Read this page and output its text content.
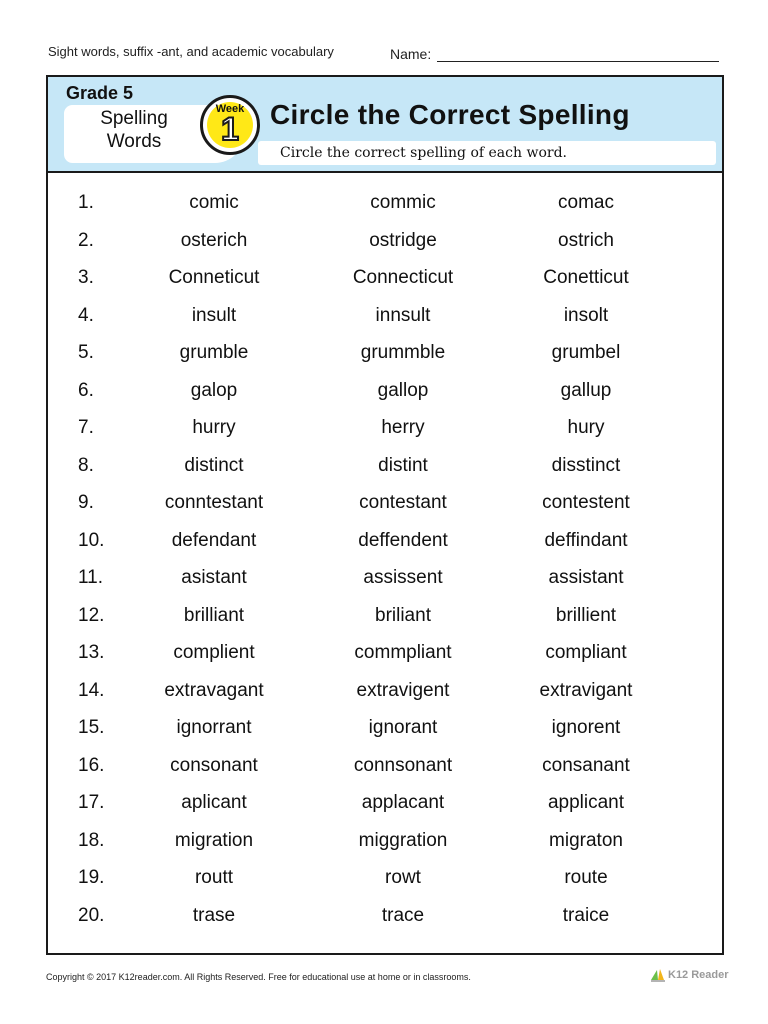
Sight words, suffix -ant, and academic vocabulary	Name:
Grade 5
Spelling
Words
Week
1	Circle the Correct Spelling
Circle the correct spelling of each word.
1.	comic	commic	comac
2.	osterich	ostridge	ostrich
3.	Conneticut	Connecticut	Conetticut
4.	insult	innsult	insolt
5.	grumble	grummble	grumbel
6.	galop	gallop	gallup
7.	hurry	herry	hury
8.	distinct	distint	disstinct
9.	conntestant	contestant	contestent
10.	defendant	deffendent	deffindant
11.	asistant	assissent	assistant
12.	brilliant	briliant	brillient
13.	complient	commpliant	compliant
14.	extravagant	extravigent	extravigant
15.	ignorrant	ignorant	ignorent
16.	consonant	connsonant	consanant
17.	aplicant	applacant	applicant
18.	migration	miggration	migraton
19.	routt	rowt	route
20.	trase	trace	traice
Copyright © 2017 K12reader.com. All Rights Reserved. Free for educational use at home or in classrooms.	K12 Reader
